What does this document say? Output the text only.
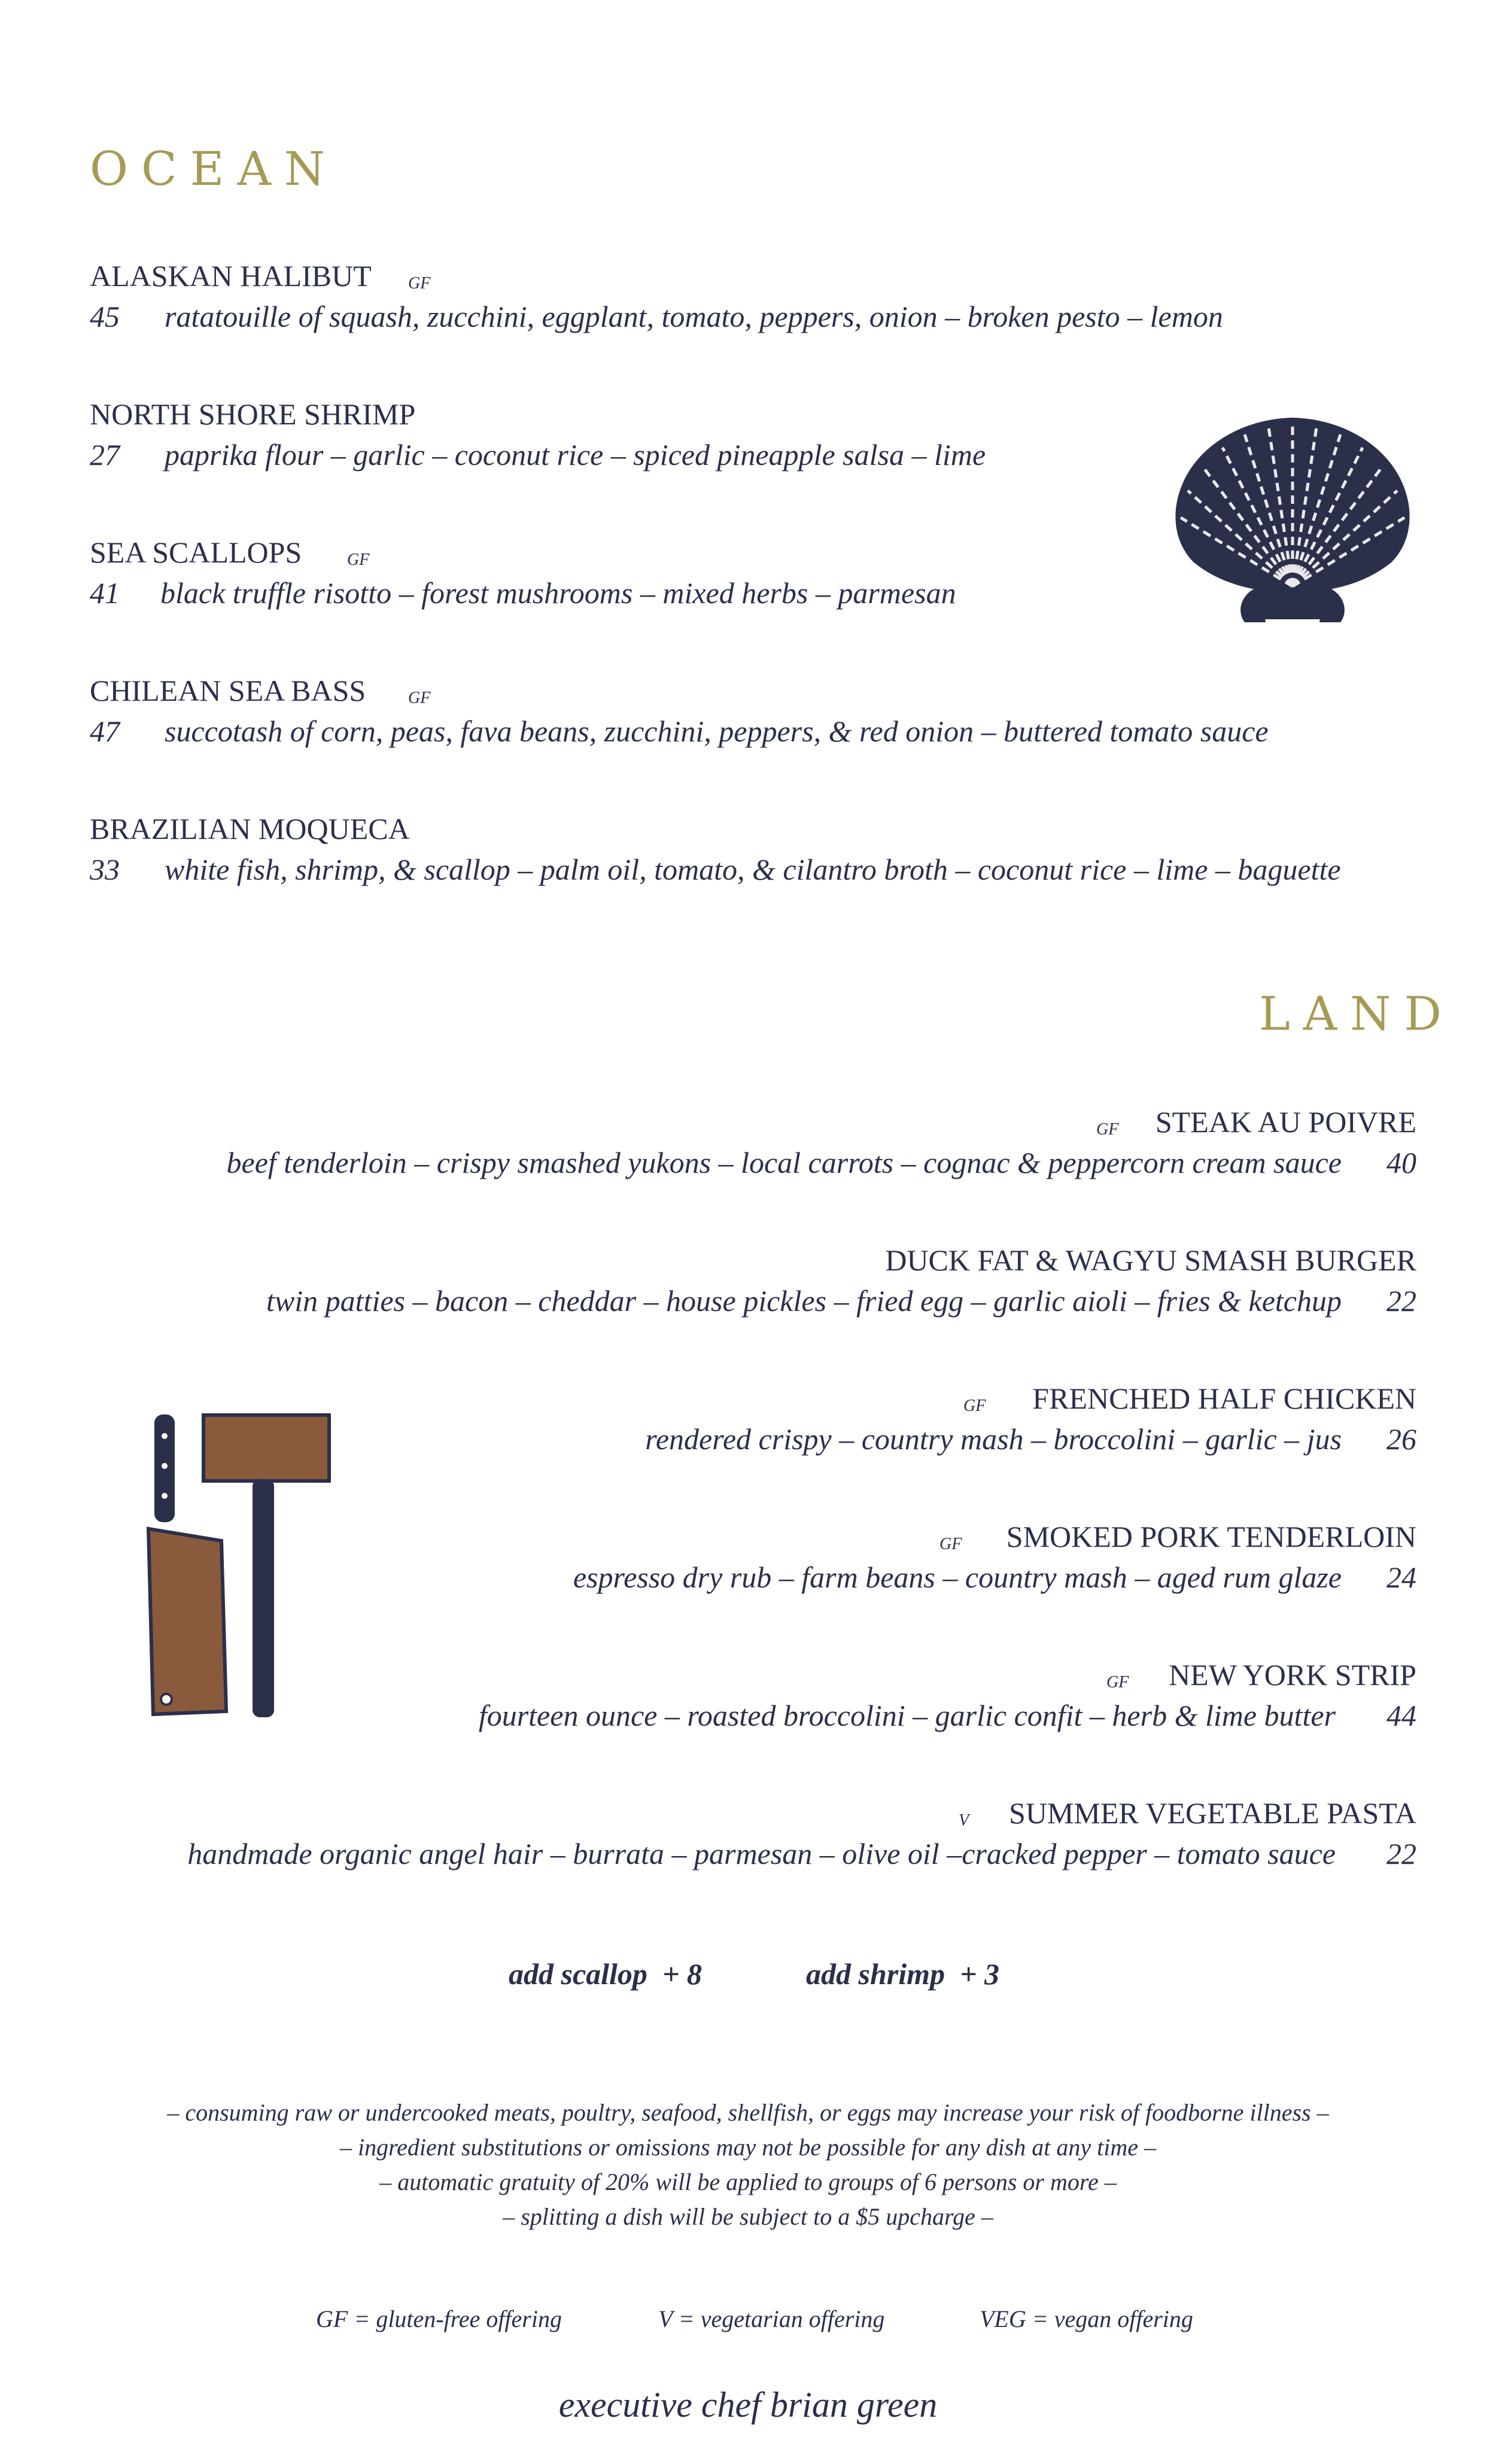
OCEAN
ALASKAN HALIBUT GF
45 ratatouille of squash, zucchini, eggplant, tomato, peppers, onion – broken pesto – lemon
NORTH SHORE SHRIMP
27 paprika flour – garlic – coconut rice – spiced pineapple salsa – lime
SEA SCALLOPS	GF
41 black truffle risotto – forest mushrooms – mixed herbs – parmesan
CHILEAN SEA BASS	GF
47 succotash of corn, peas, fava beans, zucchini, peppers, & red onion – buttered tomato sauce
BRAZILIAN MOQUECA
33 white fish, shrimp, & scallop – palm oil, tomato, & cilantro broth – coconut rice – lime – baguette
LAND
GF STEAK AU POIVRE
beef tenderloin – crispy smashed yukons – local carrots – cognac & peppercorn cream sauce 40
DUCK FAT & WAGYU SMASH BURGER
twin patties – bacon – cheddar – house pickles – fried egg – garlic aioli – fries & ketchup 22
GF FRENCHED HALF CHICKEN
rendered crispy – country mash – broccolini – garlic – jus 26
GF SMOKED PORK TENDERLOIN
espresso dry rub – farm beans – country mash – aged rum glaze 24
GF NEW YORK STRIP
fourteen ounce – roasted broccolini – garlic confit – herb & lime butter 44
V SUMMER VEGETABLE PASTA
handmade organic angel hair – burrata – parmesan – olive oil –cracked pepper – tomato sauce 22
add scallop + 8	add shrimp + 3
– consuming raw or undercooked meats, poultry, seafood, shellfish, or eggs may increase your risk of foodborne illness –
– ingredient substitutions or omissions may not be possible for any dish at any time –
– automatic gratuity of 20% will be applied to groups of 6 persons or more –
– splitting a dish will be subject to a $5 upcharge –
GF = gluten-free offering	V = vegetarian offering	VEG = vegan offering
executive chef brian green
